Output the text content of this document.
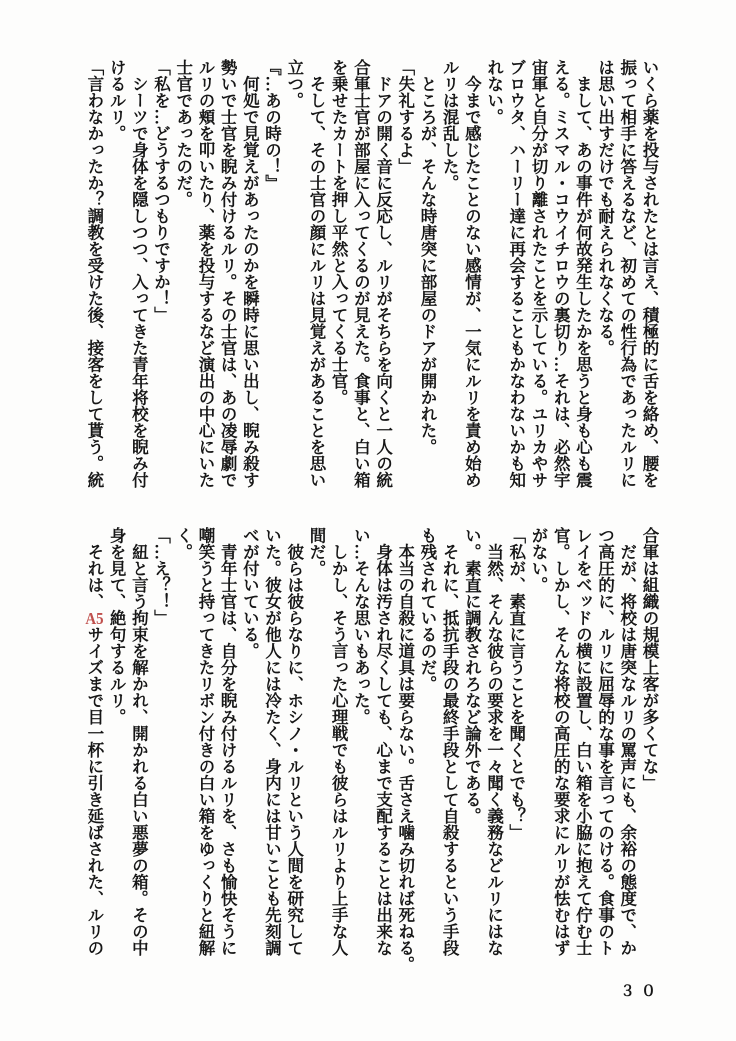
いくら薬を投与されたとは言え、積極的に舌を絡め、腰を
振って相手に答えるなど、初めての性行為であったルリに
は思い出すだけでも耐えられなくなる。
　まして、あの事件が何故発生したかを思うと身も心も震
える。ミスマル・コウイチロウの裏切り…それは、必然宇
宙軍と自分が切り離されたことを示している。ユリカやサ
ブロウタ、ハーリー達に再会することもかなわないかも知
れない。
　今まで感じたことのない感情が、一気にルリを責め始め
ルリは混乱した。
　ところが、そんな時唐突に部屋のドアが開かれた。
「失礼するよ」
　ドアの開く音に反応し、ルリがそちらを向くと一人の統
合軍士官が部屋に入ってくるのが見えた。食事と、白い箱
を乗せたカートを押し平然と入ってくる士官。
　そして、その士官の顔にルリは見覚えがあることを思い
立つ。
『…あの時の！』
　何処で見覚えがあったのかを瞬時に思い出し、睨み殺す
勢いで士官を睨み付けるルリ。その士官は、あの凌辱劇で
ルリの頬を叩いたり、薬を投与するなど演出の中心にいた
士官であったのだ。
「私を…どうするつもりですか！」
　シーツで身体を隠しつつ、入ってきた青年将校を睨み付
けるルリ。
「言わなかったか？調教を受けた後、接客をして貰う。統
合軍は組織の規模上客が多くてな」
　だが、将校は唐突なルリの罵声にも、余裕の態度で、か
つ高圧的に、ルリに屈辱的な事を言ってのける。食事のト
レイをベッドの横に設置し、白い箱を小脇に抱えて佇む士
官。しかし、そんな将校の高圧的な要求にルリが怯むはず
がない。
「私が、素直に言うことを聞くとでも？」
　当然、そんな彼らの要求を一々聞く義務などルリにはな
い。素直に調教されろなど論外である。
　それに、抵抗手段の最終手段として自殺するという手段
も残されているのだ。
　本当の自殺に道具は要らない。舌さえ噛み切れば死ねる。
　身体は汚され尽くしても、心まで支配することは出来な
い…そんな思いもあった。
　しかし、そう言った心理戦でも彼らはルリより上手な人
間だ。
　彼らは彼らなりに、ホシノ・ルリという人間を研究して
いた。彼女が他人には冷たく、身内には甘いことも先刻調
べが付いている。
　青年士官は、自分を睨み付けるルリを、さも愉快そうに
嘲笑うと持ってきたリボン付きの白い箱をゆっくりと紐解
く。
「…え？！」
　紐と言う拘束を解かれ、開かれる白い悪夢の箱。その中
身を見て、絶句するルリ。
　それは、A5サイズまで目一杯に引き延ばされた、ルリの
３０
